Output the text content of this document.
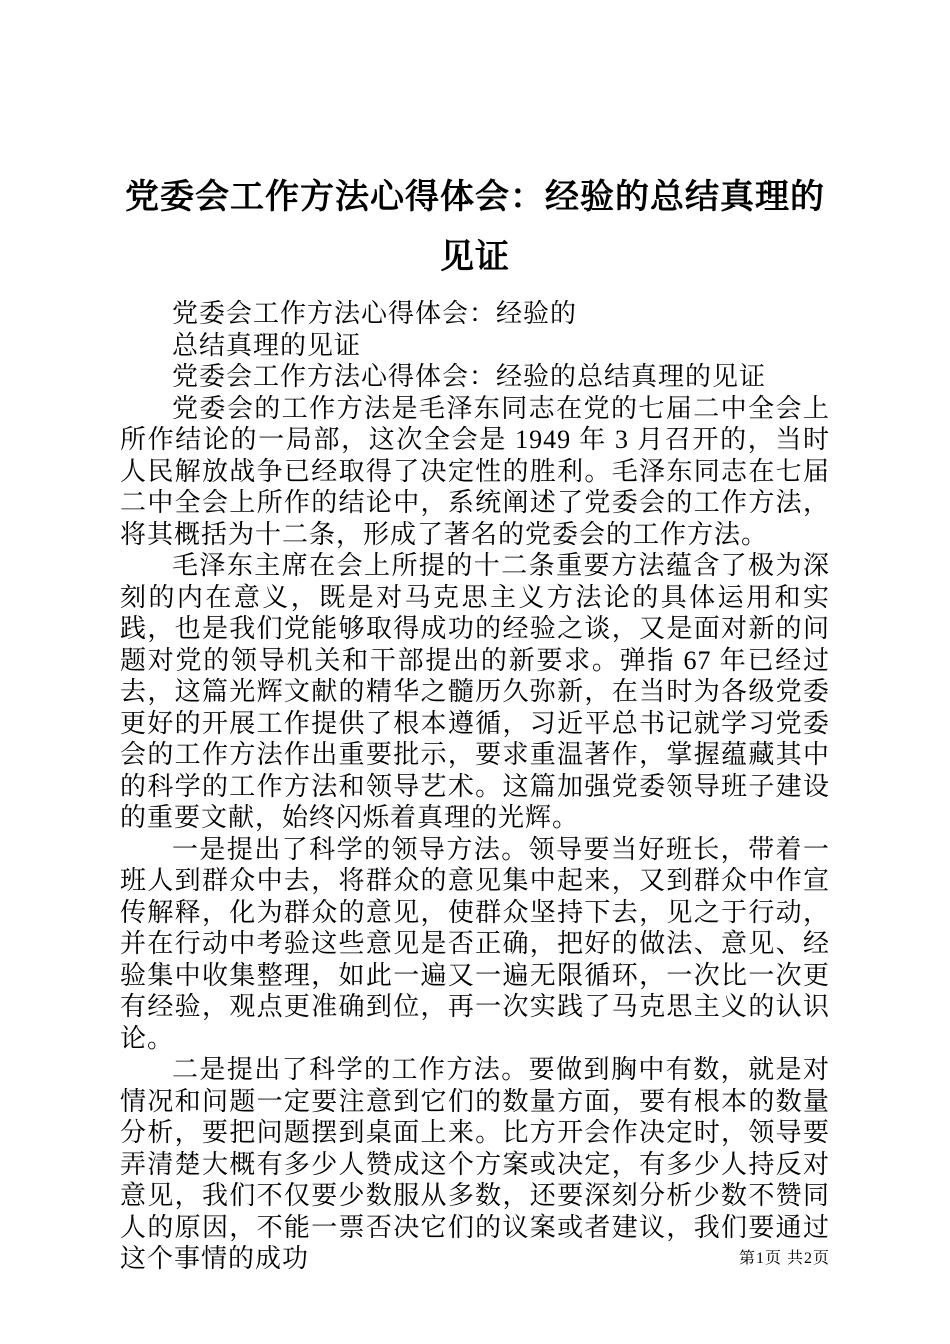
党委会工作方法心得体会：经验的总结真理的见证

党委会工作方法心得体会：经验的

总结真理的见证

党委会工作方法心得体会：经验的总结真理的见证

党委会的工作方法是毛泽东同志在党的七届二中全会上所作结论的一局部，这次全会是 1949 年 3 月召开的，当时人民解放战争已经取得了决定性的胜利。毛泽东同志在七届二中全会上所作的结论中，系统阐述了党委会的工作方法，将其概括为十二条，形成了著名的党委会的工作方法。

毛泽东主席在会上所提的十二条重要方法蕴含了极为深刻的内在意义，既是对马克思主义方法论的具体运用和实践，也是我们党能够取得成功的经验之谈，又是面对新的问题对党的领导机关和干部提出的新要求。弹指 67 年已经过去，这篇光辉文献的精华之髓历久弥新，在当时为各级党委更好的开展工作提供了根本遵循，习近平总书记就学习党委会的工作方法作出重要批示，要求重温著作，掌握蕴藏其中的科学的工作方法和领导艺术。这篇加强党委领导班子建设的重要文献，始终闪烁着真理的光辉。

一是提出了科学的领导方法。领导要当好班长，带着一班人到群众中去，将群众的意见集中起来，又到群众中作宣传解释，化为群众的意见，使群众坚持下去，见之于行动，并在行动中考验这些意见是否正确，把好的做法、意见、经验集中收集整理，如此一遍又一遍无限循环，一次比一次更有经验，观点更准确到位，再一次实践了马克思主义的认识论。

二是提出了科学的工作方法。要做到胸中有数，就是对情况和问题一定要注意到它们的数量方面，要有根本的数量分析，要把问题摆到桌面上来。比方开会作决定时，领导要弄清楚大概有多少人赞成这个方案或决定，有多少人持反对意见，我们不仅要少数服从多数，还要深刻分析少数不赞同人的原因，不能一票否决它们的议案或者建议，我们要通过这个事情的成功	第1页 共2页
